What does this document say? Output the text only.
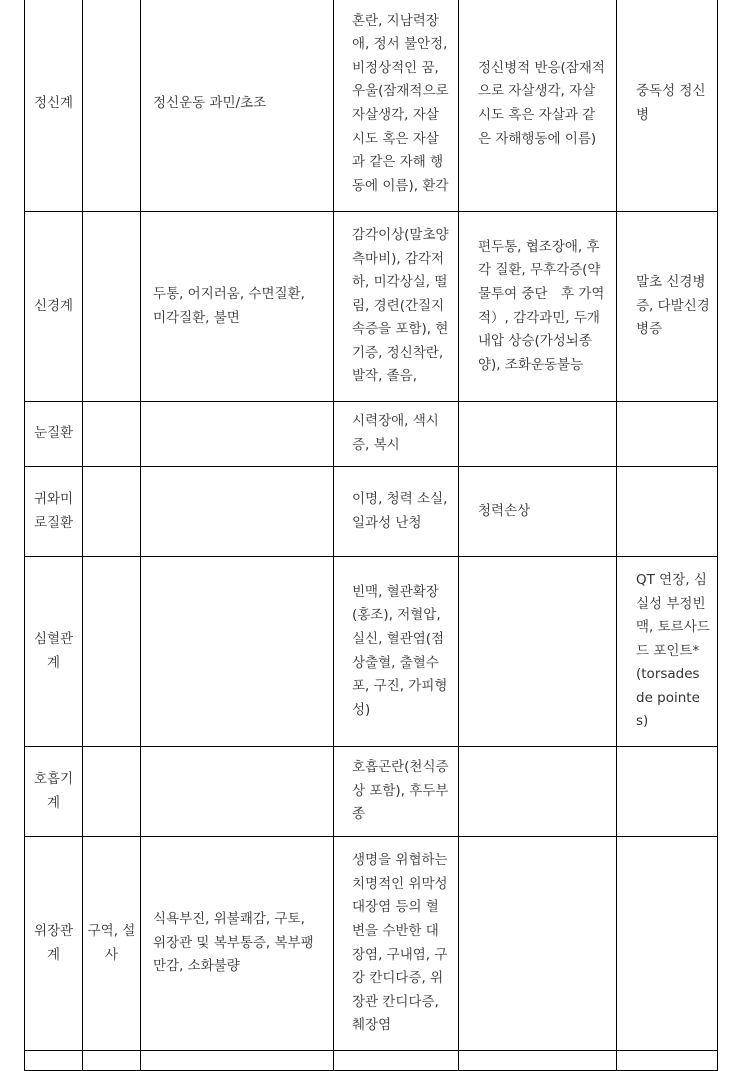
정신계		정신운동 과민/초조	혼란, 지남력장애, 정서 불안정, 비정상적인 꿈, 우울(잠재적으로 자살생각, 자살시도 혹은 자살과 같은 자해 행동에 이름), 환각	정신병적 반응(잠재적으로 자살생각, 자살시도 혹은 자살과 같은 자해행동에 이름)	중독성 정신병

신경계		두통, 어지러움, 수면질환, 미각질환, 불면	감각이상(말초양측마비), 감각저하, 미각상실, 떨림, 경련(간질지속증을 포함), 현기증, 정신착란, 발작, 졸음,	편두통, 협조장애, 후각 질환, 무후각증(약물투여 중단　후 가역적）, 감각과민, 두개내압 상승(가성뇌종양), 조화운동불능	말초 신경병증, 다발신경병증

눈질환			시력장애, 색시증, 복시		

귀와미로질환			이명, 청력 소실, 일과성 난청	청력손상	

심혈관계			빈맥, 혈관확장(홍조), 저혈압, 실신, 혈관염(점상출혈, 출혈수포, 구진, 가피형성)		QT 연장, 심실성 부정빈맥, 토르사드 드 포인트* (torsades de pointes)

호흡기계			호흡곤란(천식증상 포함), 후두부종		

위장관계	구역, 설사	식욕부진, 위불쾌감, 구토, 위장관 및 복부통증, 복부팽만감, 소화불량	생명을 위협하는 치명적인 위막성 대장염 등의 혈변을 수반한 대장염, 구내염, 구강 칸디다증, 위장관 칸디다증, 췌장염		
